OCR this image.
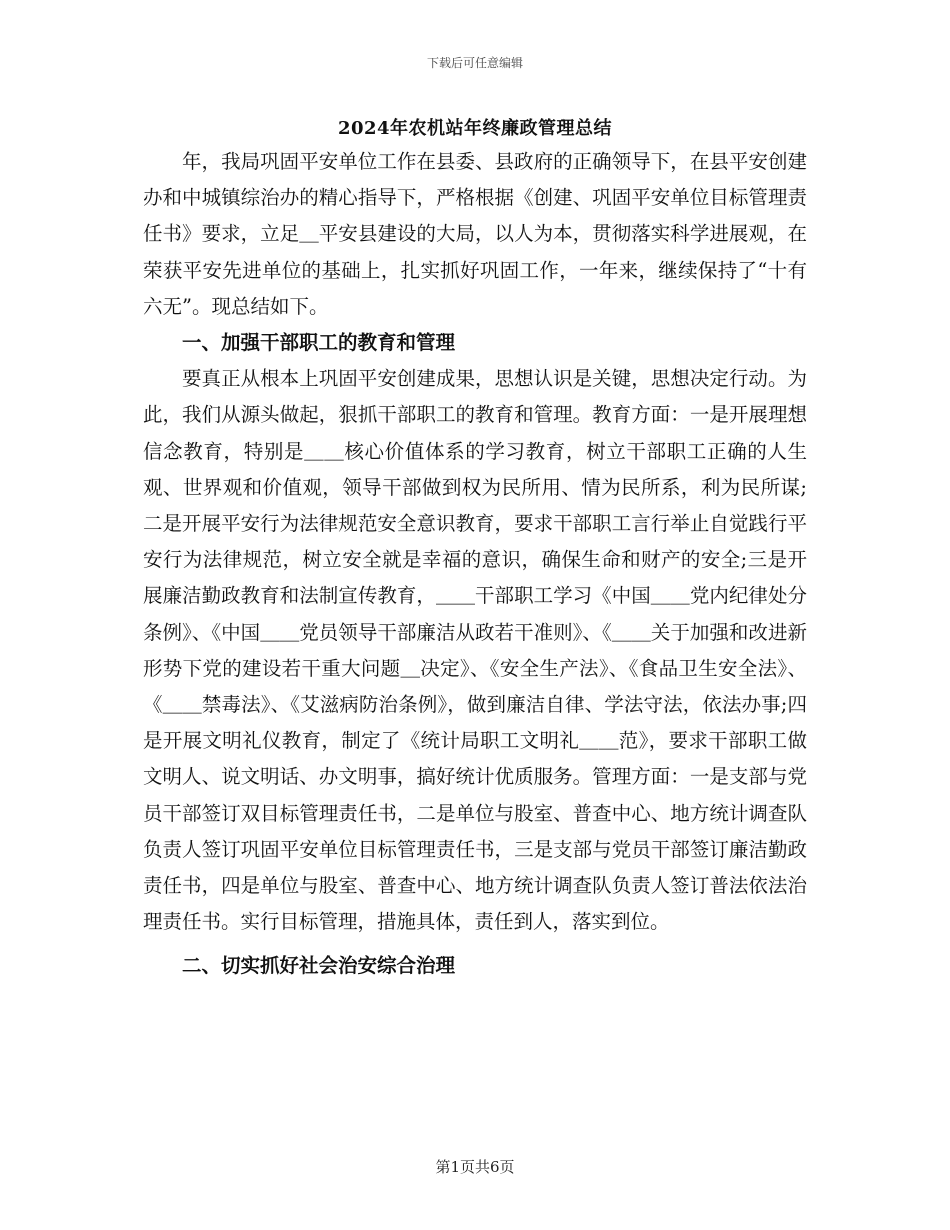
下载后可任意编辑
2024年农机站年终廉政管理总结

年，我局巩固平安单位工作在县委、县政府的正确领导下，在县平安创建办和中城镇综治办的精心指导下，严格根据《创建、巩固平安单位目标管理责任书》要求，立足＿平安县建设的大局，以人为本，贯彻落实科学进展观，在荣获平安先进单位的基础上，扎实抓好巩固工作，一年来，继续保持了“十有六无”。现总结如下。

一、加强干部职工的教育和管理

要真正从根本上巩固平安创建成果，思想认识是关键，思想决定行动。为此，我们从源头做起，狠抓干部职工的教育和管理。教育方面：一是开展理想信念教育，特别是＿＿核心价值体系的学习教育，树立干部职工正确的人生观、世界观和价值观，领导干部做到权为民所用、情为民所系，利为民所谋;二是开展平安行为法律规范安全意识教育，要求干部职工言行举止自觉践行平安行为法律规范，树立安全就是幸福的意识，确保生命和财产的安全;三是开展廉洁勤政教育和法制宣传教育，＿＿干部职工学习《中国＿＿党内纪律处分条例》、《中国＿＿党员领导干部廉洁从政若干准则》、《＿＿关于加强和改进新形势下党的建设若干重大问题＿决定》、《安全生产法》、《食品卫生安全法》、《＿＿禁毒法》、《艾滋病防治条例》，做到廉洁自律、学法守法，依法办事;四是开展文明礼仪教育，制定了《统计局职工文明礼＿＿范》，要求干部职工做文明人、说文明话、办文明事，搞好统计优质服务。管理方面：一是支部与党员干部签订双目标管理责任书，二是单位与股室、普查中心、地方统计调查队负责人签订巩固平安单位目标管理责任书，三是支部与党员干部签订廉洁勤政责任书，四是单位与股室、普查中心、地方统计调查队负责人签订普法依法治理责任书。实行目标管理，措施具体，责任到人，落实到位。

二、切实抓好社会治安综合治理
第1页共6页
